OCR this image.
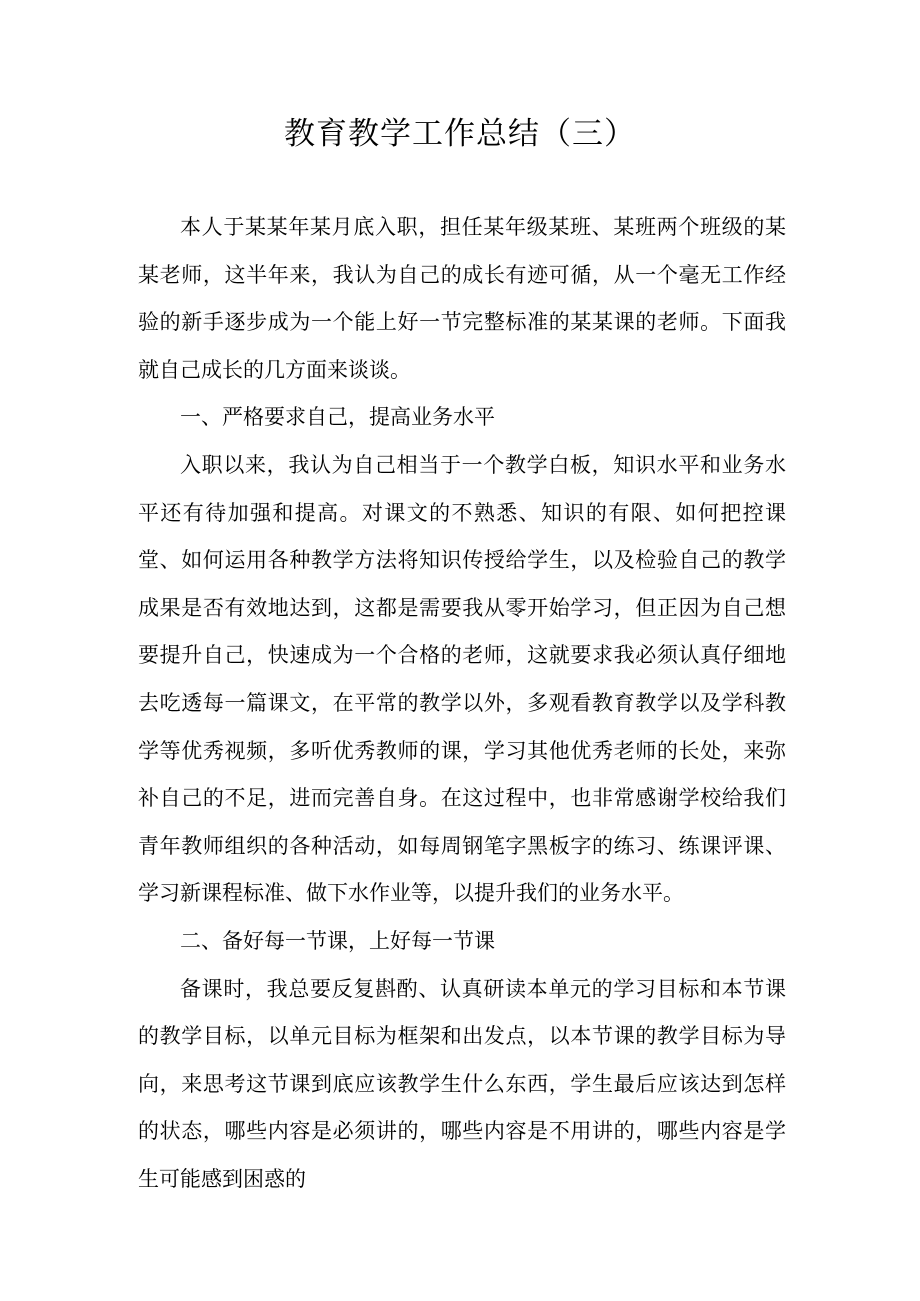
教育教学工作总结（三）

本人于某某年某月底入职，担任某年级某班、某班两个班级的某某老师，这半年来，我认为自己的成长有迹可循，从一个毫无工作经验的新手逐步成为一个能上好一节完整标准的某某课的老师。下面我就自己成长的几方面来谈谈。

一、严格要求自己，提高业务水平

入职以来，我认为自己相当于一个教学白板，知识水平和业务水平还有待加强和提高。对课文的不熟悉、知识的有限、如何把控课堂、如何运用各种教学方法将知识传授给学生，以及检验自己的教学成果是否有效地达到，这都是需要我从零开始学习，但正因为自己想要提升自己，快速成为一个合格的老师，这就要求我必须认真仔细地去吃透每一篇课文，在平常的教学以外，多观看教育教学以及学科教学等优秀视频，多听优秀教师的课，学习其他优秀老师的长处，来弥补自己的不足，进而完善自身。在这过程中，也非常感谢学校给我们青年教师组织的各种活动，如每周钢笔字黑板字的练习、练课评课、学习新课程标准、做下水作业等，以提升我们的业务水平。

二、备好每一节课，上好每一节课

备课时，我总要反复斟酌、认真研读本单元的学习目标和本节课的教学目标，以单元目标为框架和出发点，以本节课的教学目标为导向，来思考这节课到底应该教学生什么东西，学生最后应该达到怎样的状态，哪些内容是必须讲的，哪些内容是不用讲的，哪些内容是学生可能感到困惑的
